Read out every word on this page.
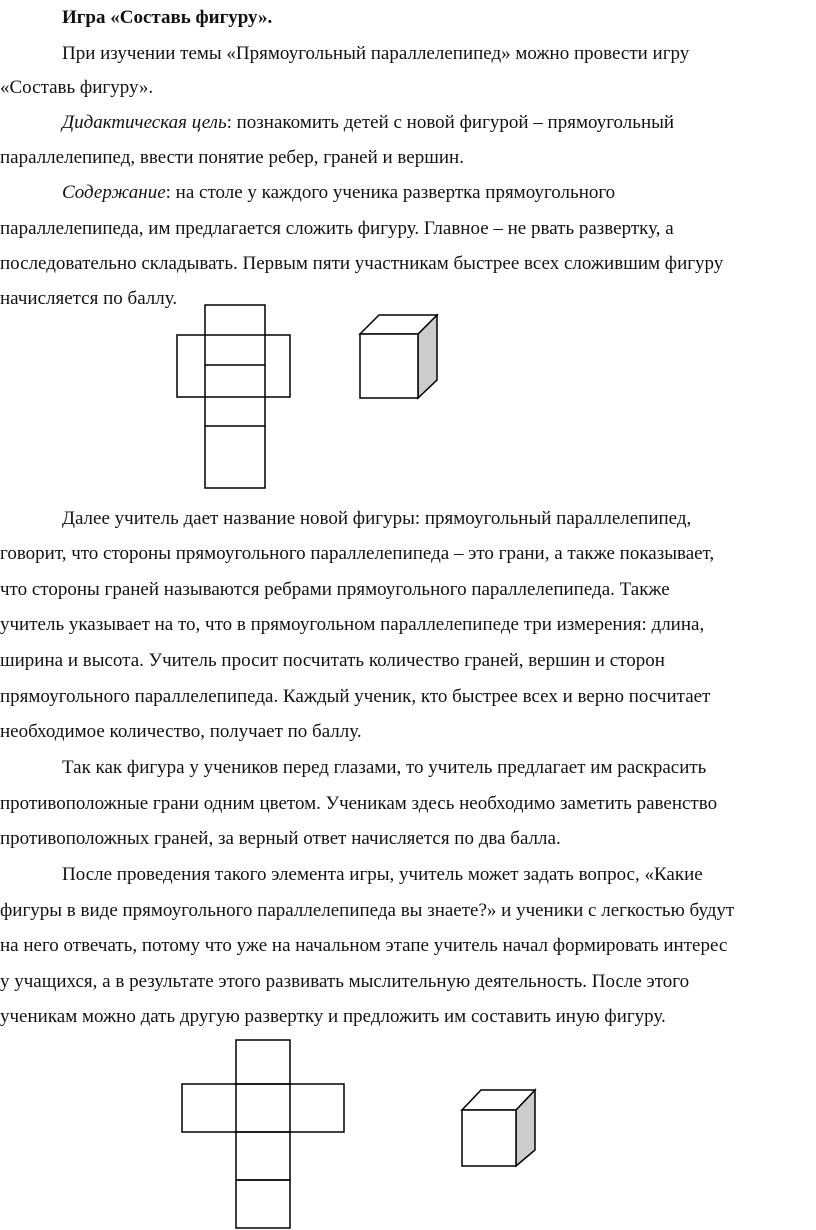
Игра «Составь фигуру».
При изучении темы «Прямоугольный параллелепипед» можно провести игру
«Составь фигуру».
Дидактическая цель: познакомить детей с новой фигурой – прямоугольный
параллелепипед, ввести понятие ребер, граней и вершин.
Содержание: на столе у каждого ученика развертка прямоугольного
параллелепипеда, им предлагается сложить фигуру. Главное – не рвать развертку, а
последовательно складывать. Первым пяти участникам быстрее всех сложившим фигуру
начисляется по баллу.
Далее учитель дает название новой фигуры: прямоугольный параллелепипед,
говорит, что стороны прямоугольного параллелепипеда – это грани, а также показывает,
что стороны граней называются ребрами прямоугольного параллелепипеда. Также
учитель указывает на то, что в прямоугольном параллелепипеде три измерения: длина,
ширина и высота. Учитель просит посчитать количество граней, вершин и сторон
прямоугольного параллелепипеда. Каждый ученик, кто быстрее всех и верно посчитает
необходимое количество, получает по баллу.
Так как фигура у учеников перед глазами, то учитель предлагает им раскрасить
противоположные грани одним цветом. Ученикам здесь необходимо заметить равенство
противоположных граней, за верный ответ начисляется по два балла.
После проведения такого элемента игры, учитель может задать вопрос, «Какие
фигуры в виде прямоугольного параллелепипеда вы знаете?» и ученики с легкостью будут
на него отвечать, потому что уже на начальном этапе учитель начал формировать интерес
у учащихся, а в результате этого развивать мыслительную деятельность. После этого
ученикам можно дать другую развертку и предложить им составить иную фигуру.
